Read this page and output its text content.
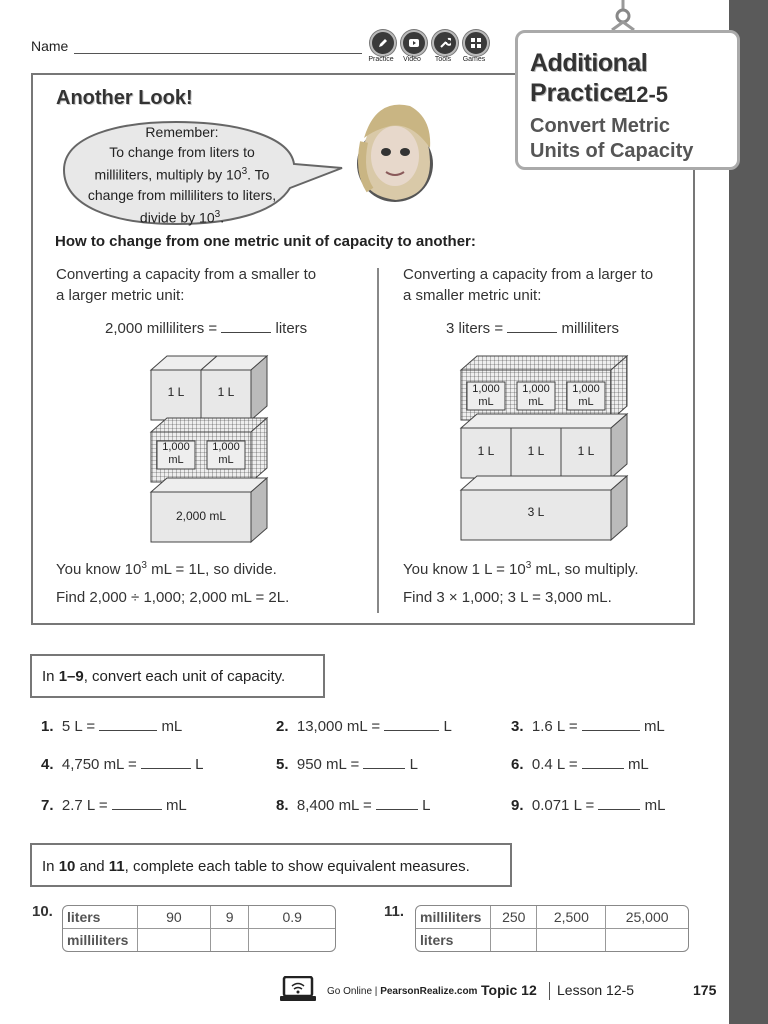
Name
Practice	Video	Tools	Games Additional
Practice
12-5
Convert Metric
Units of Capacity
Another Look!
Remember:
To change from liters to
milliliters, multiply by $10^3$. To
change from milliliters to liters,
divide by $10^3$.
How to change from one metric unit of capacity to another:
Converting a capacity from a smaller to
a larger metric unit:
2,000 milliliters =	liters
1 L	1 L
1,000
mL
1,000
mL
2,000 mL
You know $10^3$ mL = 1L, so divide.
Find 2,000 ÷ 1,000; 2,000 mL = 2L.
Converting a capacity from a larger to
a smaller metric unit:
3 liters =	milliliters
1,000
mL
1,000
mL
1,000
mL
1 L	1 L	1 L
3 L
You know 1 $L = 10^3$ mL, so multiply.
Find 3 × 1,000; 3 L = 3,000 mL.
In 1–9, convert each unit of capacity.
1. 5 L =	mL	2. 13,000 mL =	L	3. 1.6 L =	mL
4. 4,750 mL =	L	5. 950 mL =	L	6. 0.4 L =	mL
7. 2.7 L =	mL	8. 8,400 mL =	L	9. 0.071 L =	mL
In 10 and 11, complete each table to show equivalent measures.
10. liters	90	9	0.9
milliliters			
11. milliliters	250	2,500	25,000
liters			
Go Online | PearsonRealize.com Topic 12 Lesson 12-5	175
